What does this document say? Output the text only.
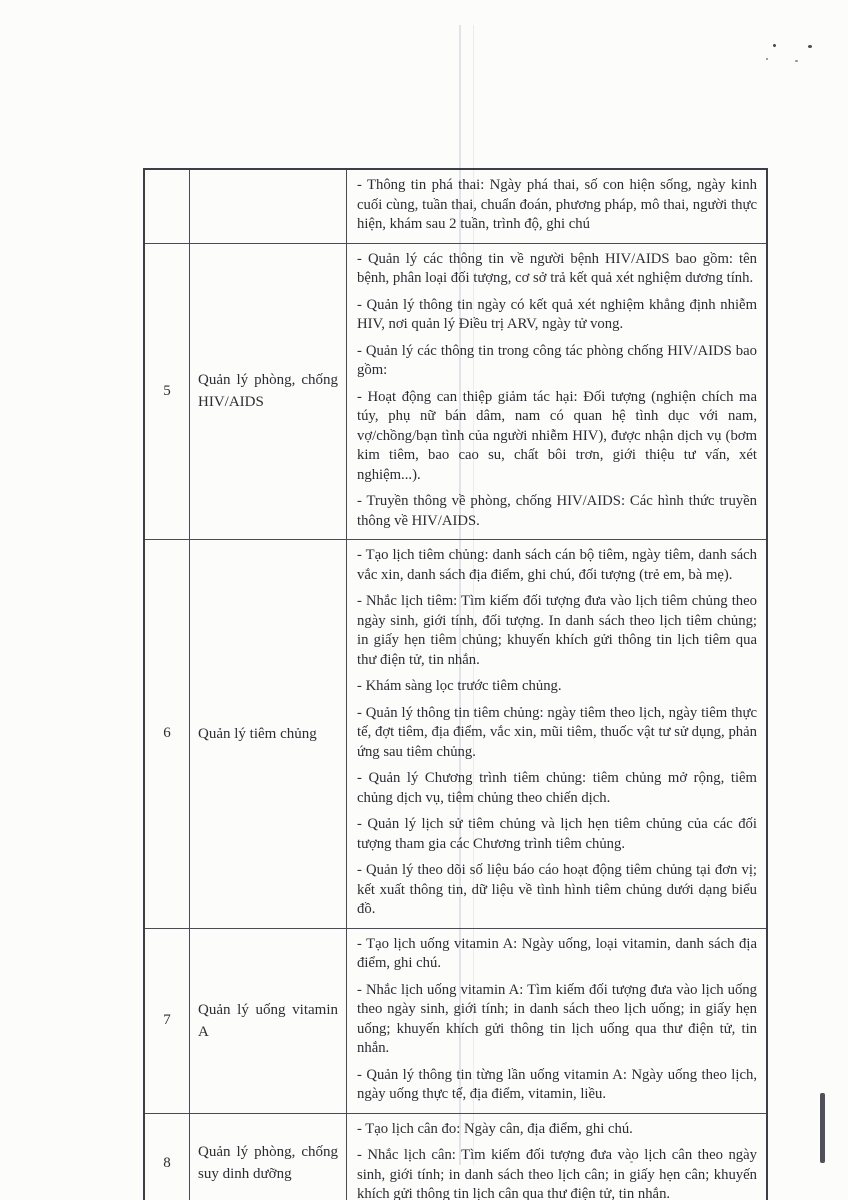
		- Thông tin phá thai: Ngày phá thai, số con hiện sống, ngày kinh cuối cùng, tuần thai, chuẩn đoán, phương pháp, mô thai, người thực hiện, khám sau 2 tuần, trình độ, ghi chú

5	Quản lý phòng, chống HIV/AIDS	- Quản lý các thông tin về người bệnh HIV/AIDS bao gồm: tên bệnh, phân loại đối tượng, cơ sở trả kết quả xét nghiệm dương tính.

- Quản lý thông tin ngày có kết quả xét nghiệm khẳng định nhiễm HIV, nơi quản lý Điều trị ARV, ngày tử vong.

- Quản lý các thông tin trong công tác phòng chống HIV/AIDS bao gồm:

- Hoạt động can thiệp giảm tác hại: Đối tượng (nghiện chích ma túy, phụ nữ bán dâm, nam có quan hệ tình dục với nam, vợ/chồng/bạn tình của người nhiễm HIV), được nhận dịch vụ (bơm kim tiêm, bao cao su, chất bôi trơn, giới thiệu tư vấn, xét nghiệm...).

- Truyền thông về phòng, chống HIV/AIDS: Các hình thức truyền thông về HIV/AIDS.

6	Quản lý tiêm chủng	

- Tạo lịch tiêm chủng: danh sách cán bộ tiêm, ngày tiêm, danh sách vắc xin, danh sách địa điểm, ghi chú, đối tượng (trẻ em, bà mẹ).

- Nhắc lịch tiêm: Tìm kiếm đối tượng đưa vào lịch tiêm chủng theo ngày sinh, giới tính, đối tượng. In danh sách theo lịch tiêm chủng; in giấy hẹn tiêm chủng; khuyến khích gửi thông tin lịch tiêm qua thư điện tử, tin nhắn.

- Khám sàng lọc trước tiêm chủng.

- Quản lý thông tin tiêm chủng: ngày tiêm theo lịch, ngày tiêm thực tế, đợt tiêm, địa điểm, vắc xin, mũi tiêm, thuốc vật tư sử dụng, phản ứng sau tiêm chủng.

- Quản lý Chương trình tiêm chủng: tiêm chủng mở rộng, tiêm chủng dịch vụ, tiêm chủng theo chiến dịch.

- Quản lý lịch sử tiêm chủng và lịch hẹn tiêm chủng của các đối tượng tham gia các Chương trình tiêm chủng.

- Quản lý theo dõi số liệu báo cáo hoạt động tiêm chủng tại đơn vị; kết xuất thông tin, dữ liệu về tình hình tiêm chủng dưới dạng biểu đồ.

7	Quản lý uống vitamin A	- Tạo lịch uống vitamin A: Ngày uống, loại vitamin, danh sách địa điểm, ghi chú.

- Nhắc lịch uống vitamin A: Tìm kiếm đối tượng đưa vào lịch uống theo ngày sinh, giới tính; in danh sách theo lịch uống; in giấy hẹn uống; khuyến khích gửi thông tin lịch uống qua thư điện tử, tin nhắn.

- Quản lý thông tin từng lần uống vitamin A: Ngày uống theo lịch, ngày uống thực tế, địa điểm, vitamin, liều.

8	Quản lý phòng, chống suy dinh dưỡng	- Tạo lịch cân đo: Ngày cân, địa điểm, ghi chú.

- Nhắc lịch cân: Tìm kiếm đối tượng đưa vào lịch cân theo ngày sinh, giới tính; in danh sách theo lịch cân; in giấy hẹn cân; khuyến khích gửi thông tin lịch cân qua thư điện tử, tin nhắn.
